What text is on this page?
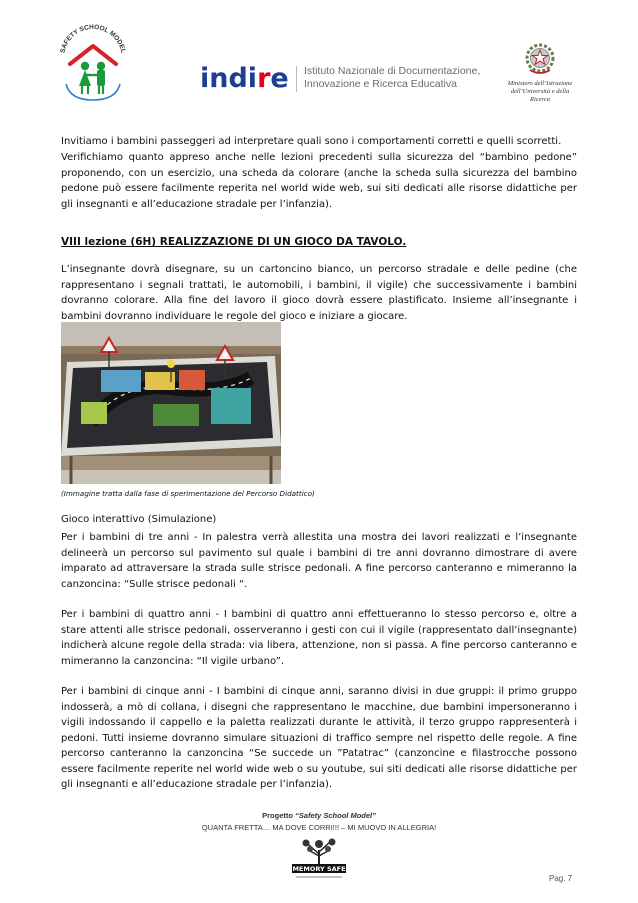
SAFETY SCHOOL MODEL
indire Istituto Nazionale di Documentazione,
Innovazione e Ricerca Educativa	Ministero dell’Istruzione
dell’Università e della Ricerca

Invitiamo i bambini passeggeri ad interpretare quali sono i comportamenti corretti e quelli scorretti.

Verifichiamo quanto appreso anche nelle lezioni precedenti sulla sicurezza del “bambino pedone” proponendo, con un esercizio, una scheda da colorare (anche la scheda sulla sicurezza del bambino pedone può essere facilmente reperita nel world wide web, sui siti dedicati alle risorse didattiche per gli insegnanti e all’educazione stradale per l’infanzia).

VIII lezione (6H) REALIZZAZIONE DI UN GIOCO DA TAVOLO.

L’insegnante dovrà disegnare, su un cartoncino bianco, un percorso stradale e delle pedine (che rappresentano i segnali trattati, le automobili, i bambini, il vigile) che successivamente i bambini dovranno colorare. Alla fine del lavoro il gioco dovrà essere plastificato. Insieme all’insegnante i bambini dovranno individuare le regole del gioco e iniziare a giocare.

(Immagine tratta dalla fase di sperimentazione del Percorso Didattico)

Gioco interattivo (Simulazione)

Per i bambini di tre anni - In palestra verrà allestita una mostra dei lavori realizzati e l’insegnante delineerà un percorso sul pavimento sul quale i bambini di tre anni dovranno dimostrare di avere imparato ad attraversare la strada sulle strisce pedonali. A fine percorso canteranno e mimeranno la canzoncina: “Sulle strisce pedonali “.

Per i bambini di quattro anni - I bambini di quattro anni effettueranno lo stesso percorso e, oltre a stare attenti alle strisce pedonali, osserveranno i gesti con cui il vigile (rappresentato dall’insegnante) indicherà alcune regole della strada: via libera, attenzione, non si passa. A fine percorso canteranno e mimeranno la canzoncina: “Il vigile urbano”.

Per i bambini di cinque anni - I bambini di cinque anni, saranno divisi in due gruppi: il primo gruppo indosserà, a mò di collana, i disegni che rappresentano le macchine, due bambini impersoneranno i vigili indossando il cappello e la paletta realizzati durante le attività, il terzo gruppo rappresenterà i pedoni. Tutti insieme dovranno simulare situazioni di traffico sempre nel rispetto delle regole. A fine percorso canteranno la canzoncina “Se succede un ”Patatrac” (canzoncine e filastrocche possono essere facilmente reperite nel world wide web o su youtube, sui siti dedicati alle risorse didattiche per gli insegnanti e all’educazione stradale per l’infanzia).

Progetto “Safety School Model”
QUANTA FRETTA… MA DOVE CORRI!!! – MI MUOVO IN ALLEGRIA!
MEMORY SAFE
Pag. 7
